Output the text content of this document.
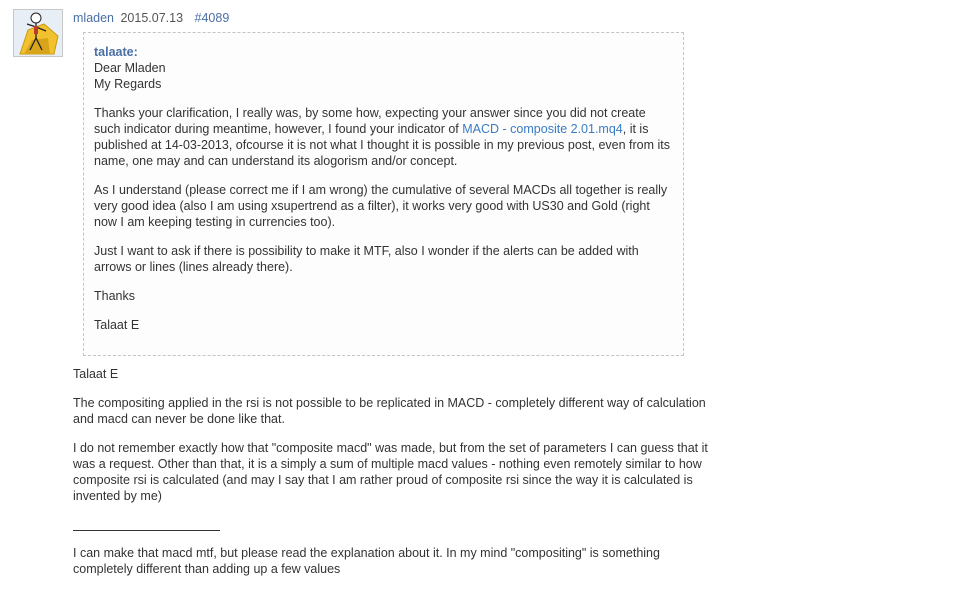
mladen 2015.07.13 #4089
talaate:

Dear Mladen
My Regards

Thanks your clarification, I really was, by some how, expecting your answer since you did not create such indicator during meantime, however, I found your indicator of MACD - composite 2.01.mq4, it is published at 14-03-2013, ofcourse it is not what I thought it is possible in my previous post, even from its name, one may and can understand its alogorism and/or concept.

As I understand (please correct me if I am wrong) the cumulative of several MACDs all together is really very good idea (also I am using xsupertrend as a filter), it works very good with US30 and Gold (right now I am keeping testing in currencies too).

Just I want to ask if there is possibility to make it MTF, also I wonder if the alerts can be added with arrows or lines (lines already there).

Thanks

Talaat E

Talaat E

The compositing applied in the rsi is not possible to be replicated in MACD - completely different way of calculation and macd can never be done like that.

I do not remember exactly how that "composite macd" was made, but from the set of parameters I can guess that it was a request. Other than that, it is a simply a sum of multiple macd values - nothing even remotely similar to how composite rsi is calculated (and may I say that I am rather proud of composite rsi since the way it is calculated is invented by me)

I can make that macd mtf, but please read the explanation about it. In my mind "compositing" is something completely different than adding up a few values
